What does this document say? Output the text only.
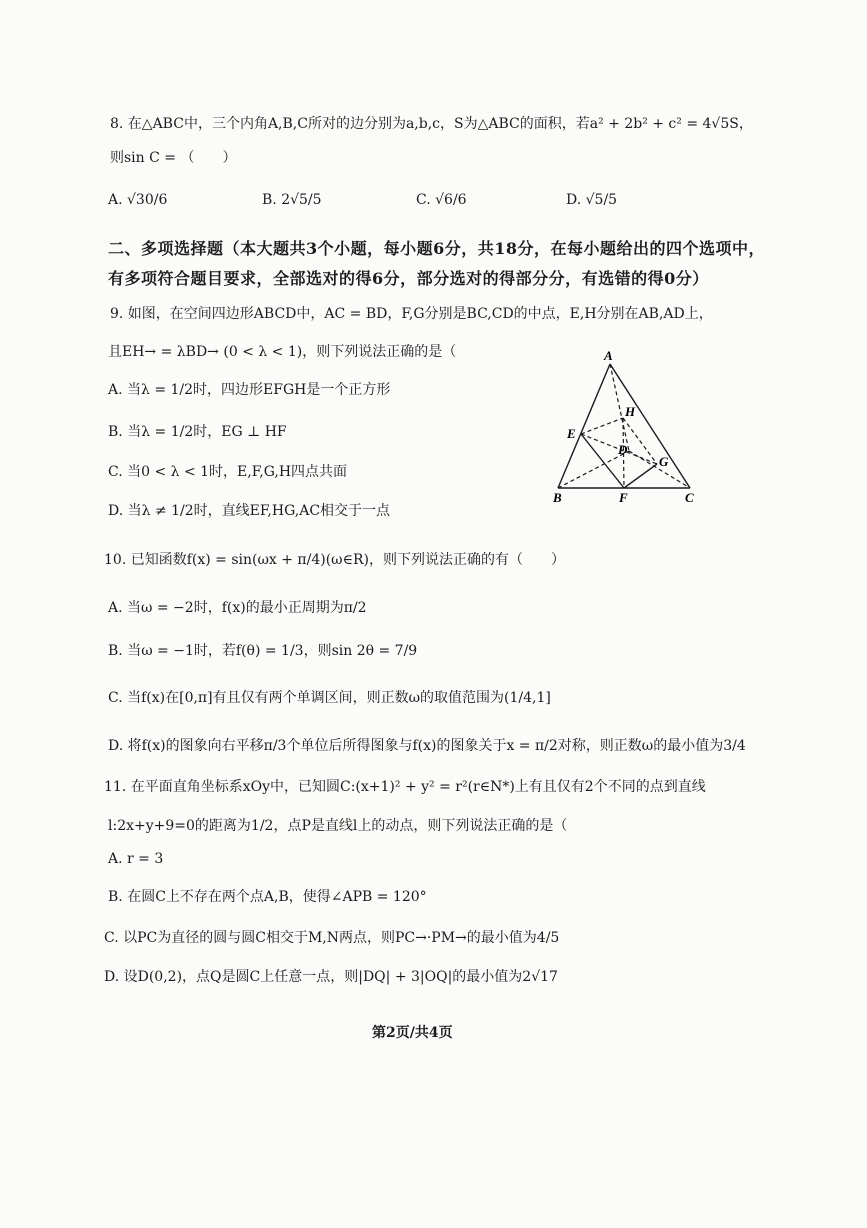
8. 在△ABC中，三个内角A,B,C所对的边分别为a,b,c，S为△ABC的面积，若a² + 2b² + c² = 4√5S，
则sin C = （　　）
A. √30/6	B. 2√5/5	C. √6/6	D. √5/5
二、多项选择题（本大题共3个小题，每小题6分，共18分，在每小题给出的四个选项中，
有多项符合题目要求，全部选对的得6分，部分选对的得部分分，有选错的得0分）
9. 如图，在空间四边形ABCD中，AC = BD，F,G分别是BC,CD的中点，E,H分别在AB,AD上，
且EH→ = λBD→ (0 < λ < 1)，则下列说法正确的是（
A. 当λ = 1/2时，四边形EFGH是一个正方形
B. 当λ = 1/2时，EG ⊥ HF
C. 当0 < λ < 1时，E,F,G,H四点共面
D. 当λ ≠ 1/2时，直线EF,HG,AC相交于一点
A
H
E
D
G
B	F	C
10. 已知函数f(x) = sin(ωx + π/4)(ω∈R)，则下列说法正确的有（　　）
A. 当ω = −2时，f(x)的最小正周期为π/2
B. 当ω = −1时，若f(θ) = 1/3，则sin 2θ = 7/9
C. 当f(x)在[0,π]有且仅有两个单调区间，则正数ω的取值范围为(1/4,1]
D. 将f(x)的图象向右平移π/3个单位后所得图象与f(x)的图象关于x = π/2对称，则正数ω的最小值为3/4
11. 在平面直角坐标系xOy中，已知圆C:(x+1)² + y² = r²(r∈N*)上有且仅有2个不同的点到直线
l:2x+y+9=0的距离为1/2，点P是直线l上的动点，则下列说法正确的是（
A. r = 3
B. 在圆C上不存在两个点A,B，使得∠APB = 120°
C. 以PC为直径的圆与圆C相交于M,N两点，则PC→·PM→的最小值为4/5
D. 设D(0,2)，点Q是圆C上任意一点，则|DQ| + 3|OQ|的最小值为2√17
第2页/共4页
